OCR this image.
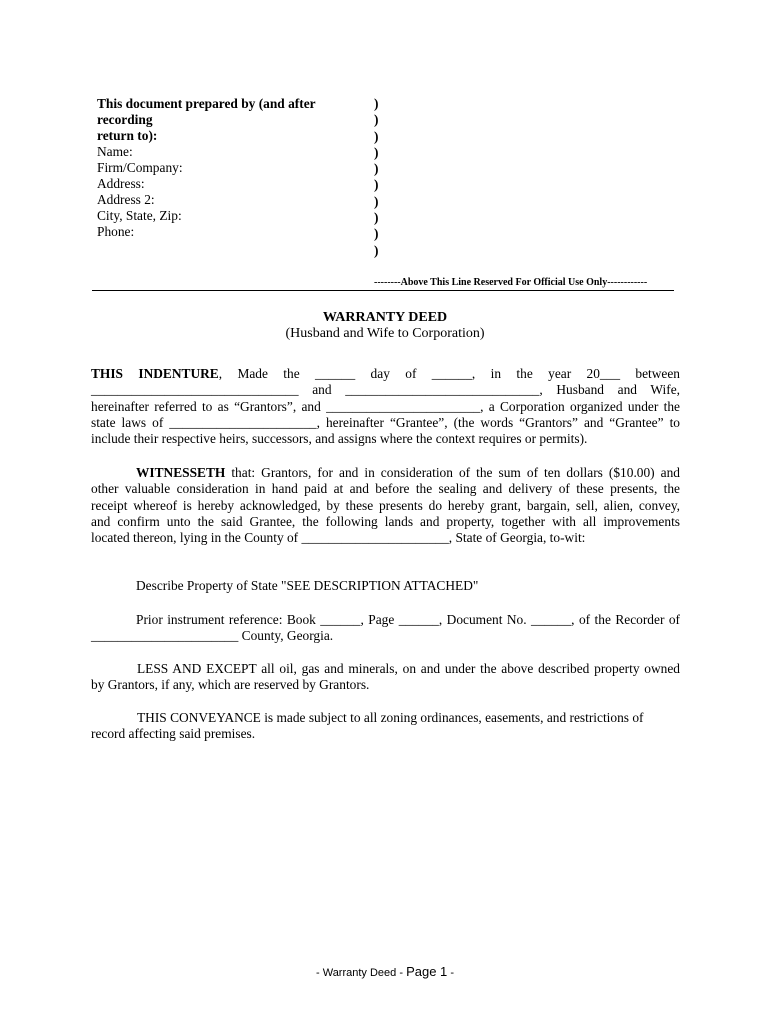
This document prepared by (and after recording
return to):
Name:
Firm/Company:
Address:
Address 2:
City, State, Zip:
Phone:
)
)
)
)
)
)
)
)
)
)
--------Above This Line Reserved For Official Use Only------------
WARRANTY DEED
(Husband and Wife to Corporation)
THIS INDENTURE, Made the ______ day of ______, in the year 20___ between
_______________________________ and _____________________________, Husband and Wife,
hereinafter referred to as “Grantors”, and _______________________, a Corporation organized under the
state laws of ______________________, hereinafter “Grantee”, (the words “Grantors” and “Grantee” to
include their respective heirs, successors, and assigns where the context requires or permits).
WITNESSETH that: Grantors, for and in consideration of the sum of ten dollars ($10.00) and
other valuable consideration in hand paid at and before the sealing and delivery of these presents, the
receipt whereof is hereby acknowledged, by these presents do hereby grant, bargain, sell, alien, convey,
and confirm unto the said Grantee, the following lands and property, together with all improvements
located thereon, lying in the County of ______________________, State of Georgia, to-wit:
Describe Property of State "SEE DESCRIPTION ATTACHED"
Prior instrument reference: Book ______, Page ______, Document No. ______, of the Recorder of
______________________ County, Georgia.
LESS AND EXCEPT all oil, gas and minerals, on and under the above described property owned
by Grantors, if any, which are reserved by Grantors.
THIS CONVEYANCE is made subject to all zoning ordinances, easements, and restrictions of
record affecting said premises.
- Warranty Deed - Page 1 -
